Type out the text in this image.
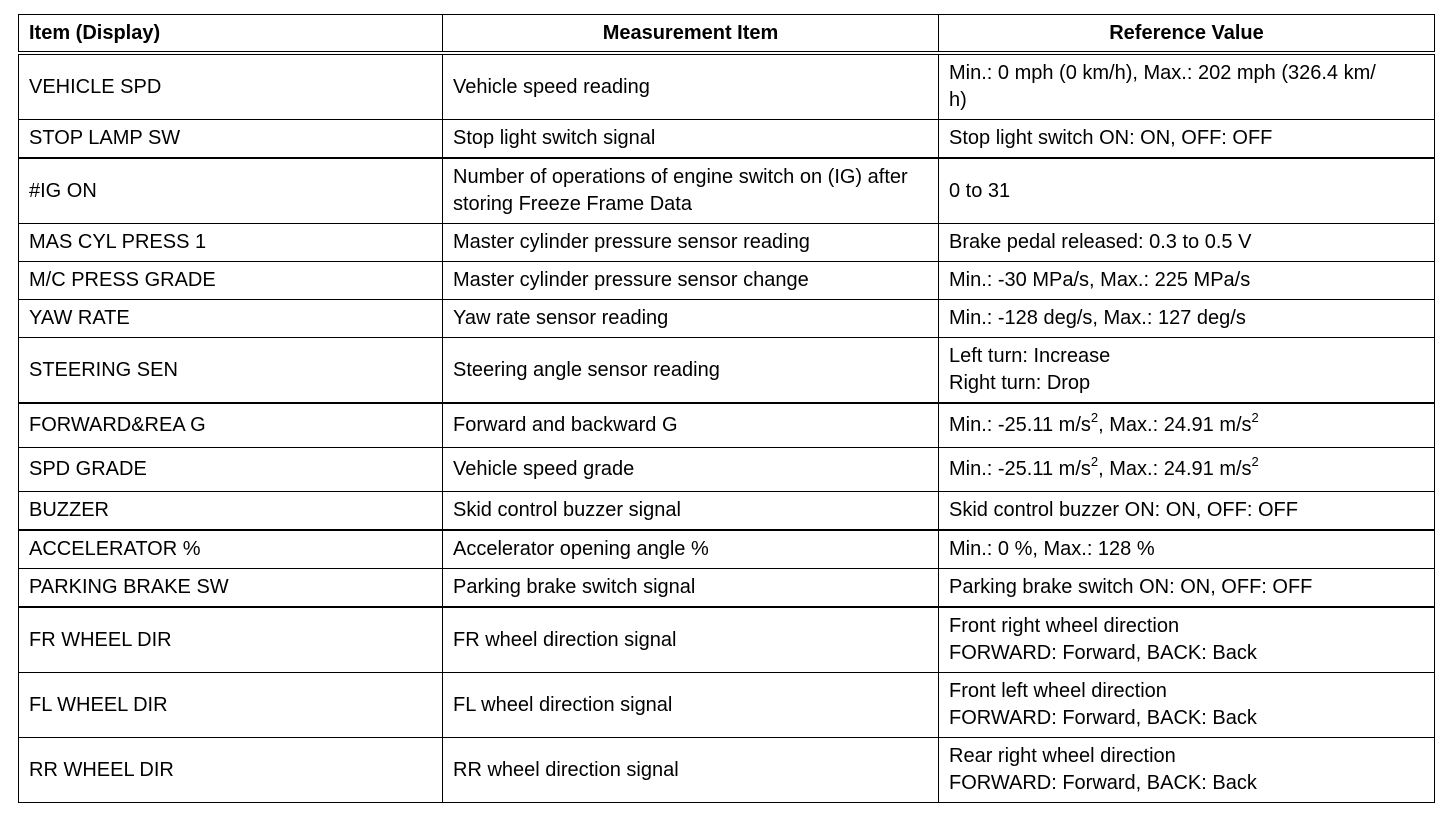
Item (Display)	Measurement Item	Reference Value
VEHICLE SPD	Vehicle speed reading	Min.: 0 mph (0 km/h), Max.: 202 mph (326.4 km/
h)

STOP LAMP SW	Stop light switch signal	Stop light switch ON: ON, OFF: OFF
#IG ON	Number of operations of engine switch on (IG) after storing Freeze Frame Data	0 to 31
MAS CYL PRESS 1	Master cylinder pressure sensor reading	Brake pedal released: 0.3 to 0.5 V
M/C PRESS GRADE	Master cylinder pressure sensor change	Min.: -30 MPa/s, Max.: 225 MPa/s
YAW RATE	Yaw rate sensor reading	Min.: -128 deg/s, Max.: 127 deg/s
STEERING SEN	Steering angle sensor reading	Left turn: Increase
Right turn: Drop

FORWARD&REA G	Forward and backward G	Min.: -25.11 $m/s^2$, Max.: 24.91 $m/s^2$
SPD GRADE	Vehicle speed grade	Min.: -25.11 $m/s^2$, Max.: 24.91 $m/s^2$
BUZZER	Skid control buzzer signal	Skid control buzzer ON: ON, OFF: OFF
ACCELERATOR %	Accelerator opening angle %	Min.: 0 %, Max.: 128 %
PARKING BRAKE SW	Parking brake switch signal	Parking brake switch ON: ON, OFF: OFF
FR WHEEL DIR	FR wheel direction signal	Front right wheel direction
FORWARD: Forward, BACK: Back

FL WHEEL DIR	FL wheel direction signal	Front left wheel direction
FORWARD: Forward, BACK: Back

RR WHEEL DIR	RR wheel direction signal	Rear right wheel direction
FORWARD: Forward, BACK: Back
